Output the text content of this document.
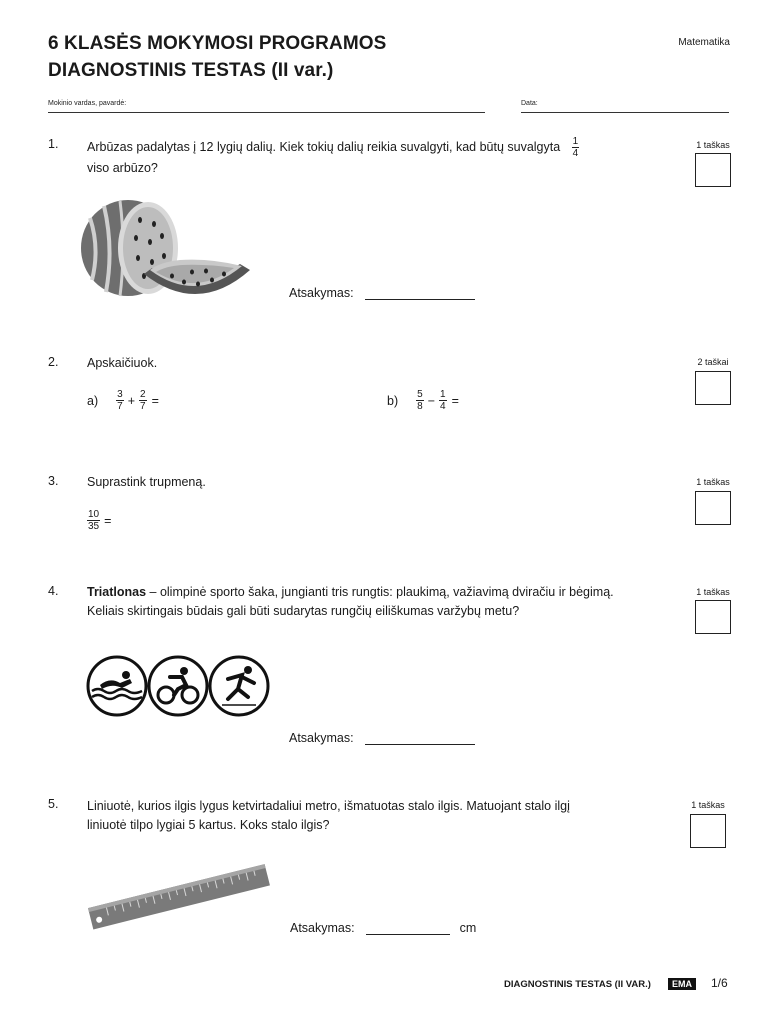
6 KLASĖS MOKYMOSI PROGRAMOS
DIAGNOSTINIS TESTAS (II var.)
Matematika
Mokinio vardas, pavardė:	Data:
1. Arbūzas padalytas į 12 lygių dalių. Kiek tokių dalių reikia suvalgyti, kad būtų suvalgyta $\frac{1}{4}$

viso arbūzo?
1 taškas
Atsakymas:
2. Apskaičiuok.	2 taškai
$a) \frac{3}{7} + \frac{2}{7}$ =	$b) \frac{5}{8} - \frac{1}{4}$ =
3. Suprastink trupmeną.	1 taškas
$\frac{10}{35}$ =
4. Triatlonas – olimpinė sporto šaka, jungianti tris rungtis: plaukimą, važiavimą dviračiu ir bėgimą.
Keliais skirtingais būdais gali būti sudarytas rungčių eiliškumas varžybų metu?
1 taškas
Atsakymas:
5. Liniuotė, kurios ilgis lygus ketvirtadaliui metro, išmatuotas stalo ilgis. Matuojant stalo ilgį
liniuotė tilpo lygiai 5 kartus. Koks stalo ilgis?
1 taškas
Atsakymas:	cm
DIAGNOSTINIS TESTAS (II VAR.)	EMA	1/6
